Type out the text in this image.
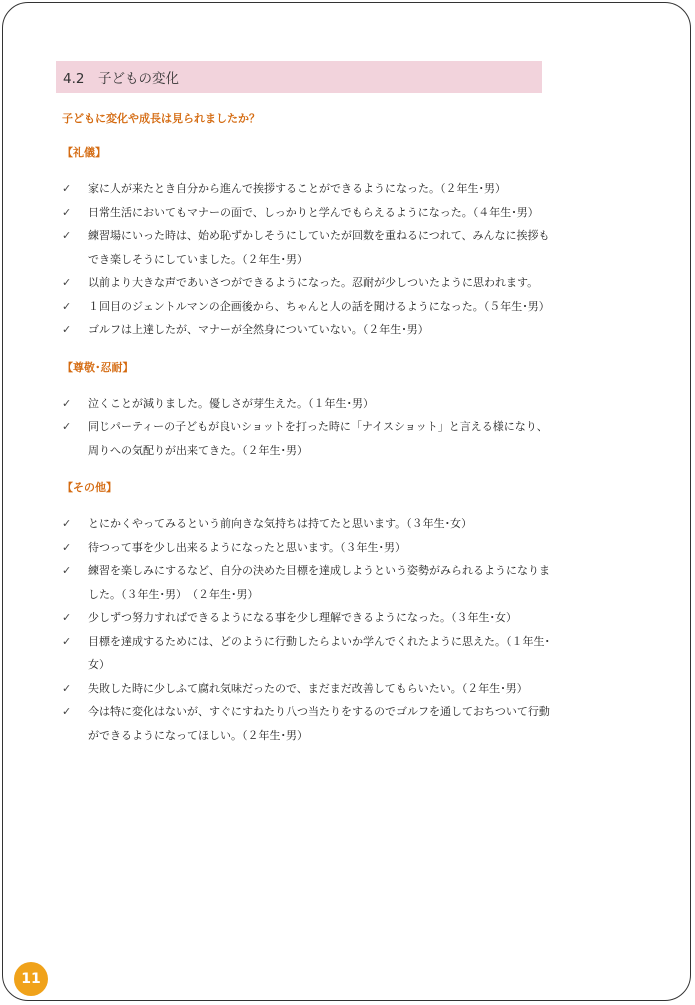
4.2　子どもの変化
子どもに変化や成長は見られましたか？
【礼儀】
✓	家に人が来たとき自分から進んで挨拶することができるようになった。（２年生･男）
✓	日常生活においてもマナーの面で、しっかりと学んでもらえるようになった。（４年生･男）
✓	練習場にいった時は、始め恥ずかしそうにしていたが回数を重ねるにつれて、みんなに挨拶もでき楽しそうにしていました。（２年生･男）
✓	以前より大きな声であいさつができるようになった。忍耐が少しついたように思われます。
✓	１回目のジェントルマンの企画後から、ちゃんと人の話を聞けるようになった。（５年生･男）
✓	ゴルフは上達したが、マナーが全然身についていない。（２年生･男）
【尊敬･忍耐】
✓	泣くことが減りました。優しさが芽生えた。（１年生･男）
✓	同じパーティーの子どもが良いショットを打った時に「ナイスショット」と言える様になり、周りへの気配りが出来てきた。（２年生･男）
【その他】
✓	とにかくやってみるという前向きな気持ちは持てたと思います。（３年生･女）
✓	待つって事を少し出来るようになったと思います。（３年生･男）
✓	練習を楽しみにするなど、自分の決めた目標を達成しようという姿勢がみられるようになりました。（３年生･男）　（２年生･男）
✓	少しずつ努力すればできるようになる事を少し理解できるようになった。（３年生･女）
✓	目標を達成するためには、どのように行動したらよいか学んでくれたように思えた。（１年生･女）
✓	失敗した時に少しふて腐れ気味だったので、まだまだ改善してもらいたい。（２年生･男）
✓	今は特に変化はないが、すぐにすねたり八つ当たりをするのでゴルフを通しておちついて行動ができるようになってほしい。（２年生･男）
11
